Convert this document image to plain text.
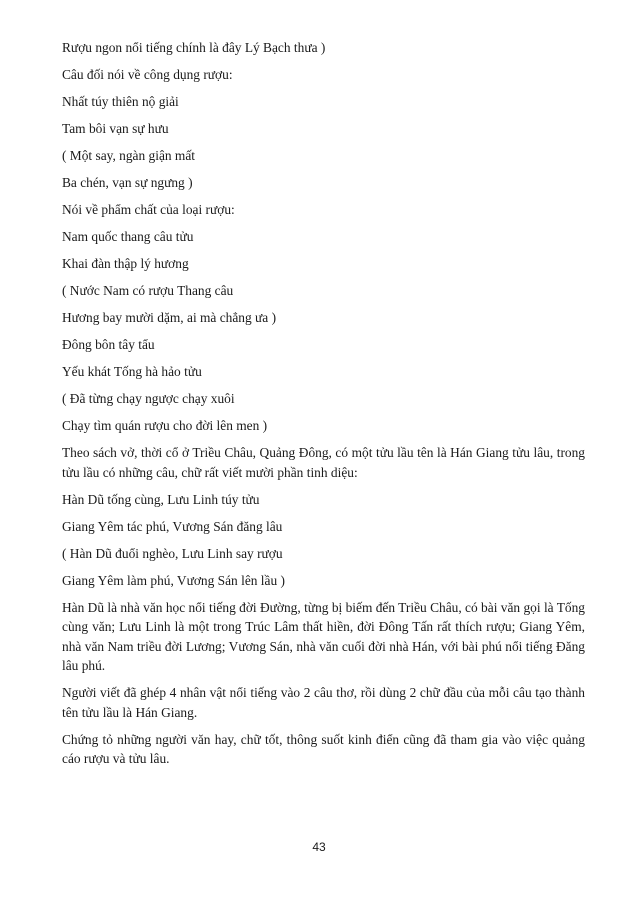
Rượu ngon nổi tiếng chính là đây Lý Bạch thưa )
Câu đối nói về công dụng rượu:
Nhất túy thiên nộ giải
Tam bôi vạn sự hưu
( Một say, ngàn giận mất
Ba chén, vạn sự ngưng )
Nói về phẩm chất của loại rượu:
Nam quốc thang câu tửu
Khai đàn thập lý hương
( Nước Nam có rượu Thang câu
Hương bay mười dặm, ai mà chẳng ưa )
Đông bôn tây tẩu
Yếu khát Tống hà hảo tửu
( Đã từng chạy ngược chạy xuôi
Chạy tìm quán rượu cho đời lên men )
Theo sách vở, thời cổ ở Triều Châu, Quảng Đông, có một tửu lầu tên là Hán Giang tửu lâu, trong tửu lầu có những câu, chữ rất viết mười phần tinh diệu:
Hàn Dũ tống cùng, Lưu Linh túy tửu
Giang Yêm tác phú, Vương Sán đăng lâu
( Hàn Dũ đuổi nghèo, Lưu Linh say rượu
Giang Yêm làm phú, Vương Sán lên lầu )
Hàn Dũ là nhà văn học nổi tiếng đời Đường, từng bị biếm đến Triều Châu, có bài văn gọi là Tống cùng văn; Lưu Linh là một trong Trúc Lâm thất hiền, đời Đông Tấn rất thích rượu; Giang Yêm, nhà văn Nam triều đời Lương; Vương Sán, nhà văn cuối đời nhà Hán, với bài phú nổi tiếng Đăng lâu phú.
Người viết đã ghép 4 nhân vật nổi tiếng vào 2 câu thơ, rồi dùng 2 chữ đầu của mỗi câu tạo thành tên tửu lầu là Hán Giang.
Chứng tỏ những người văn hay, chữ tốt, thông suốt kinh điển cũng đã tham gia vào việc quảng cáo rượu và tửu lâu.
43
